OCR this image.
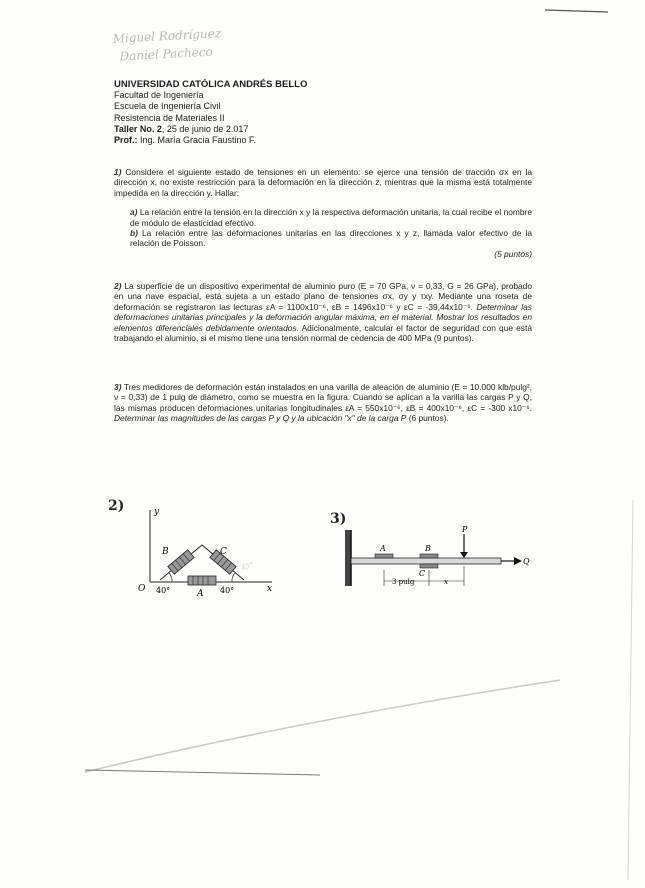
Miguel Rodríguez
Daniel Pacheco
UNIVERSIDAD CATÓLICA ANDRÉS BELLO
Facultad de Ingeniería
Escuela de Ingeniería Civil
Resistencia de Materiales II
Taller No. 2, 25 de junio de 2.017
Prof.: Ing. María Gracia Faustino F.
1) Considere el siguiente estado de tensiones en un elemento: se ejerce una tensión de tracción σx en la dirección x, no existe restricción para la deformación en la dirección z, mientras que la misma está totalmente impedida en la dirección y. Hallar:
a) La relación entre la tensión en la dirección x y la respectiva deformación unitaria, la cual recibe el nombre de módulo de elasticidad efectivo.
b) La relación entre las deformaciones unitarias en las direcciones x y z, llamada valor efectivo de la relación de Poisson.
(5 puntos)
2) La superficie de un dispositivo experimental de aluminio puro (E = 70 GPa, ν = 0,33, G = 26 GPa), probado en una nave espacial, está sujeta a un estado plano de tensiones σx, σy y τxy. Mediante una roseta de deformación se registraron las lecturas εA = 1100x10⁻⁶, εB = 1496x10⁻⁶ y εC = -39,44x10⁻⁶. Determinar las deformaciones unitarias principales y la deformación angular máxima, en el material. Mostrar los resultados en elementos diferenciales debidamente orientados. Adicionalmente, calcular el factor de seguridad con que está trabajando el aluminio, si el mismo tiene una tensión normal de cedencia de 400 MPa (9 puntos).
3) Tres medidores de deformación están instalados en una varilla de aleación de aluminio (E = 10.000 klb/pulg², ν = 0,33) de 1 pulg de diámetro, como se muestra en la figura. Cuando se aplican a la varilla las cargas P y Q, las mismas producen deformaciones unitarias longitudinales εA = 550x10⁻⁶, εB = 400x10⁻⁶, εC = -300 x10⁻⁶. Determinar las magnitudes de las cargas P y Q y la ubicación "x" de la carga P (6 puntos).
2)
3)
y
x
O
B	C
A
40°	40°
45°
A	B
C
P
Q
3 pulg	x
